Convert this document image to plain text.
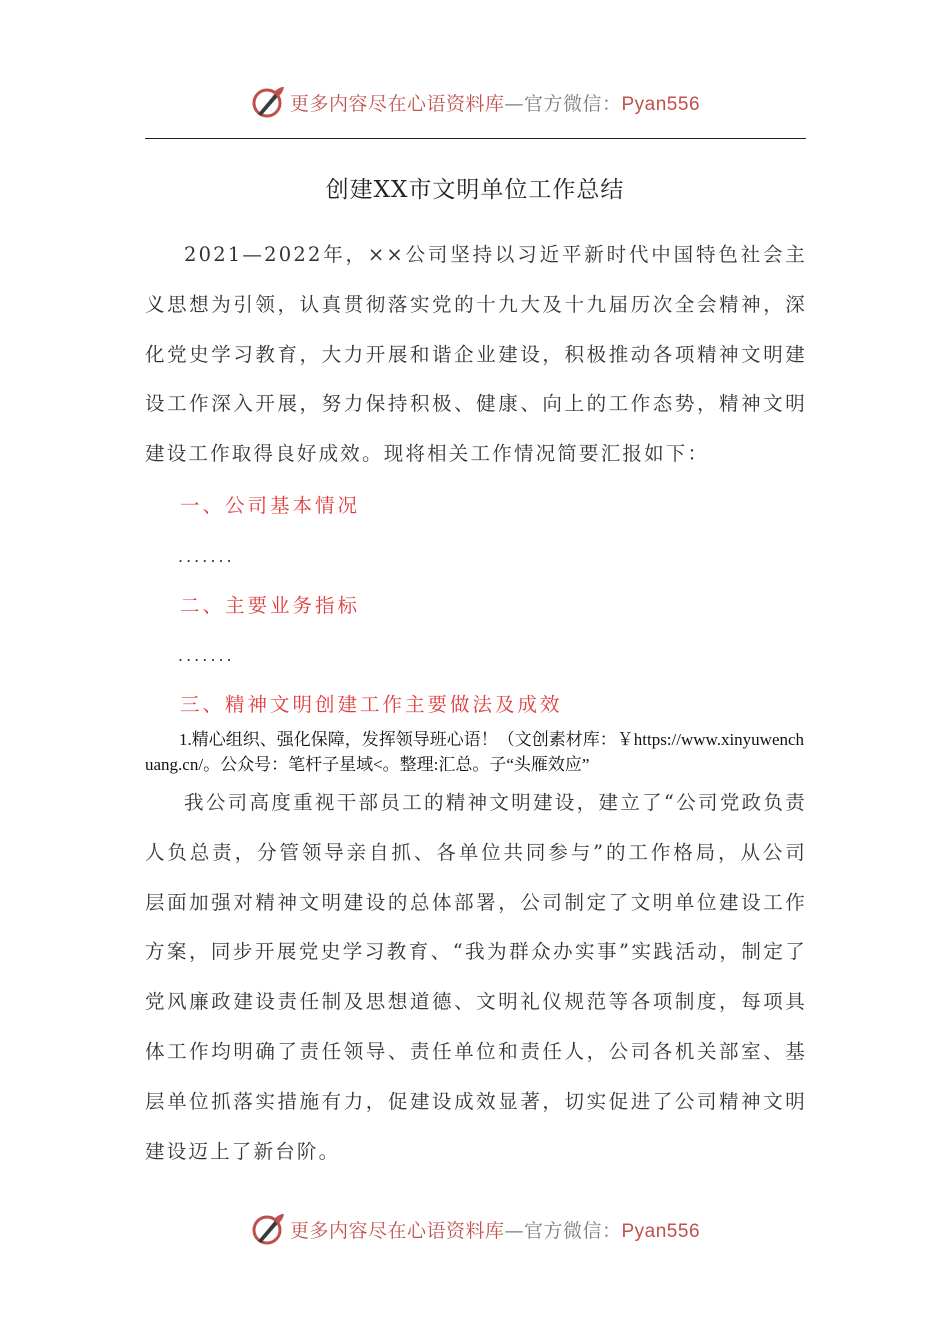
更多内容尽在心语资料库—官方微信：Pyan556
创建XX市文明单位工作总结

2021—2022年，××公司坚持以习近平新时代中国特色社会主义思想为引领，认真贯彻落实党的十九大及十九届历次全会精神，深化党史学习教育，大力开展和谐企业建设，积极推动各项精神文明建设工作深入开展，努力保持积极、健康、向上的工作态势，精神文明建设工作取得良好成效。现将相关工作情况简要汇报如下：

一、公司基本情况

.......

二、主要业务指标

.......

三、精神文明创建工作主要做法及成效

1.精心组织、强化保障，发挥领导班心语！（文创素材库：￥https://www.xinyuwenchuang.cn/。公众号：笔杆子星域<。整理:汇总。子“头雁效应”

我公司高度重视干部员工的精神文明建设，建立了“公司党政负责人负总责，分管领导亲自抓、各单位共同参与”的工作格局，从公司层面加强对精神文明建设的总体部署，公司制定了文明单位建设工作方案，同步开展党史学习教育、“我为群众办实事”实践活动，制定了党风廉政建设责任制及思想道德、文明礼仪规范等各项制度，每项具体工作均明确了责任领导、责任单位和责任人，公司各机关部室、基层单位抓落实措施有力，促建设成效显著，切实促进了公司精神文明建设迈上了新台阶。

更多内容尽在心语资料库—官方微信：Pyan556
